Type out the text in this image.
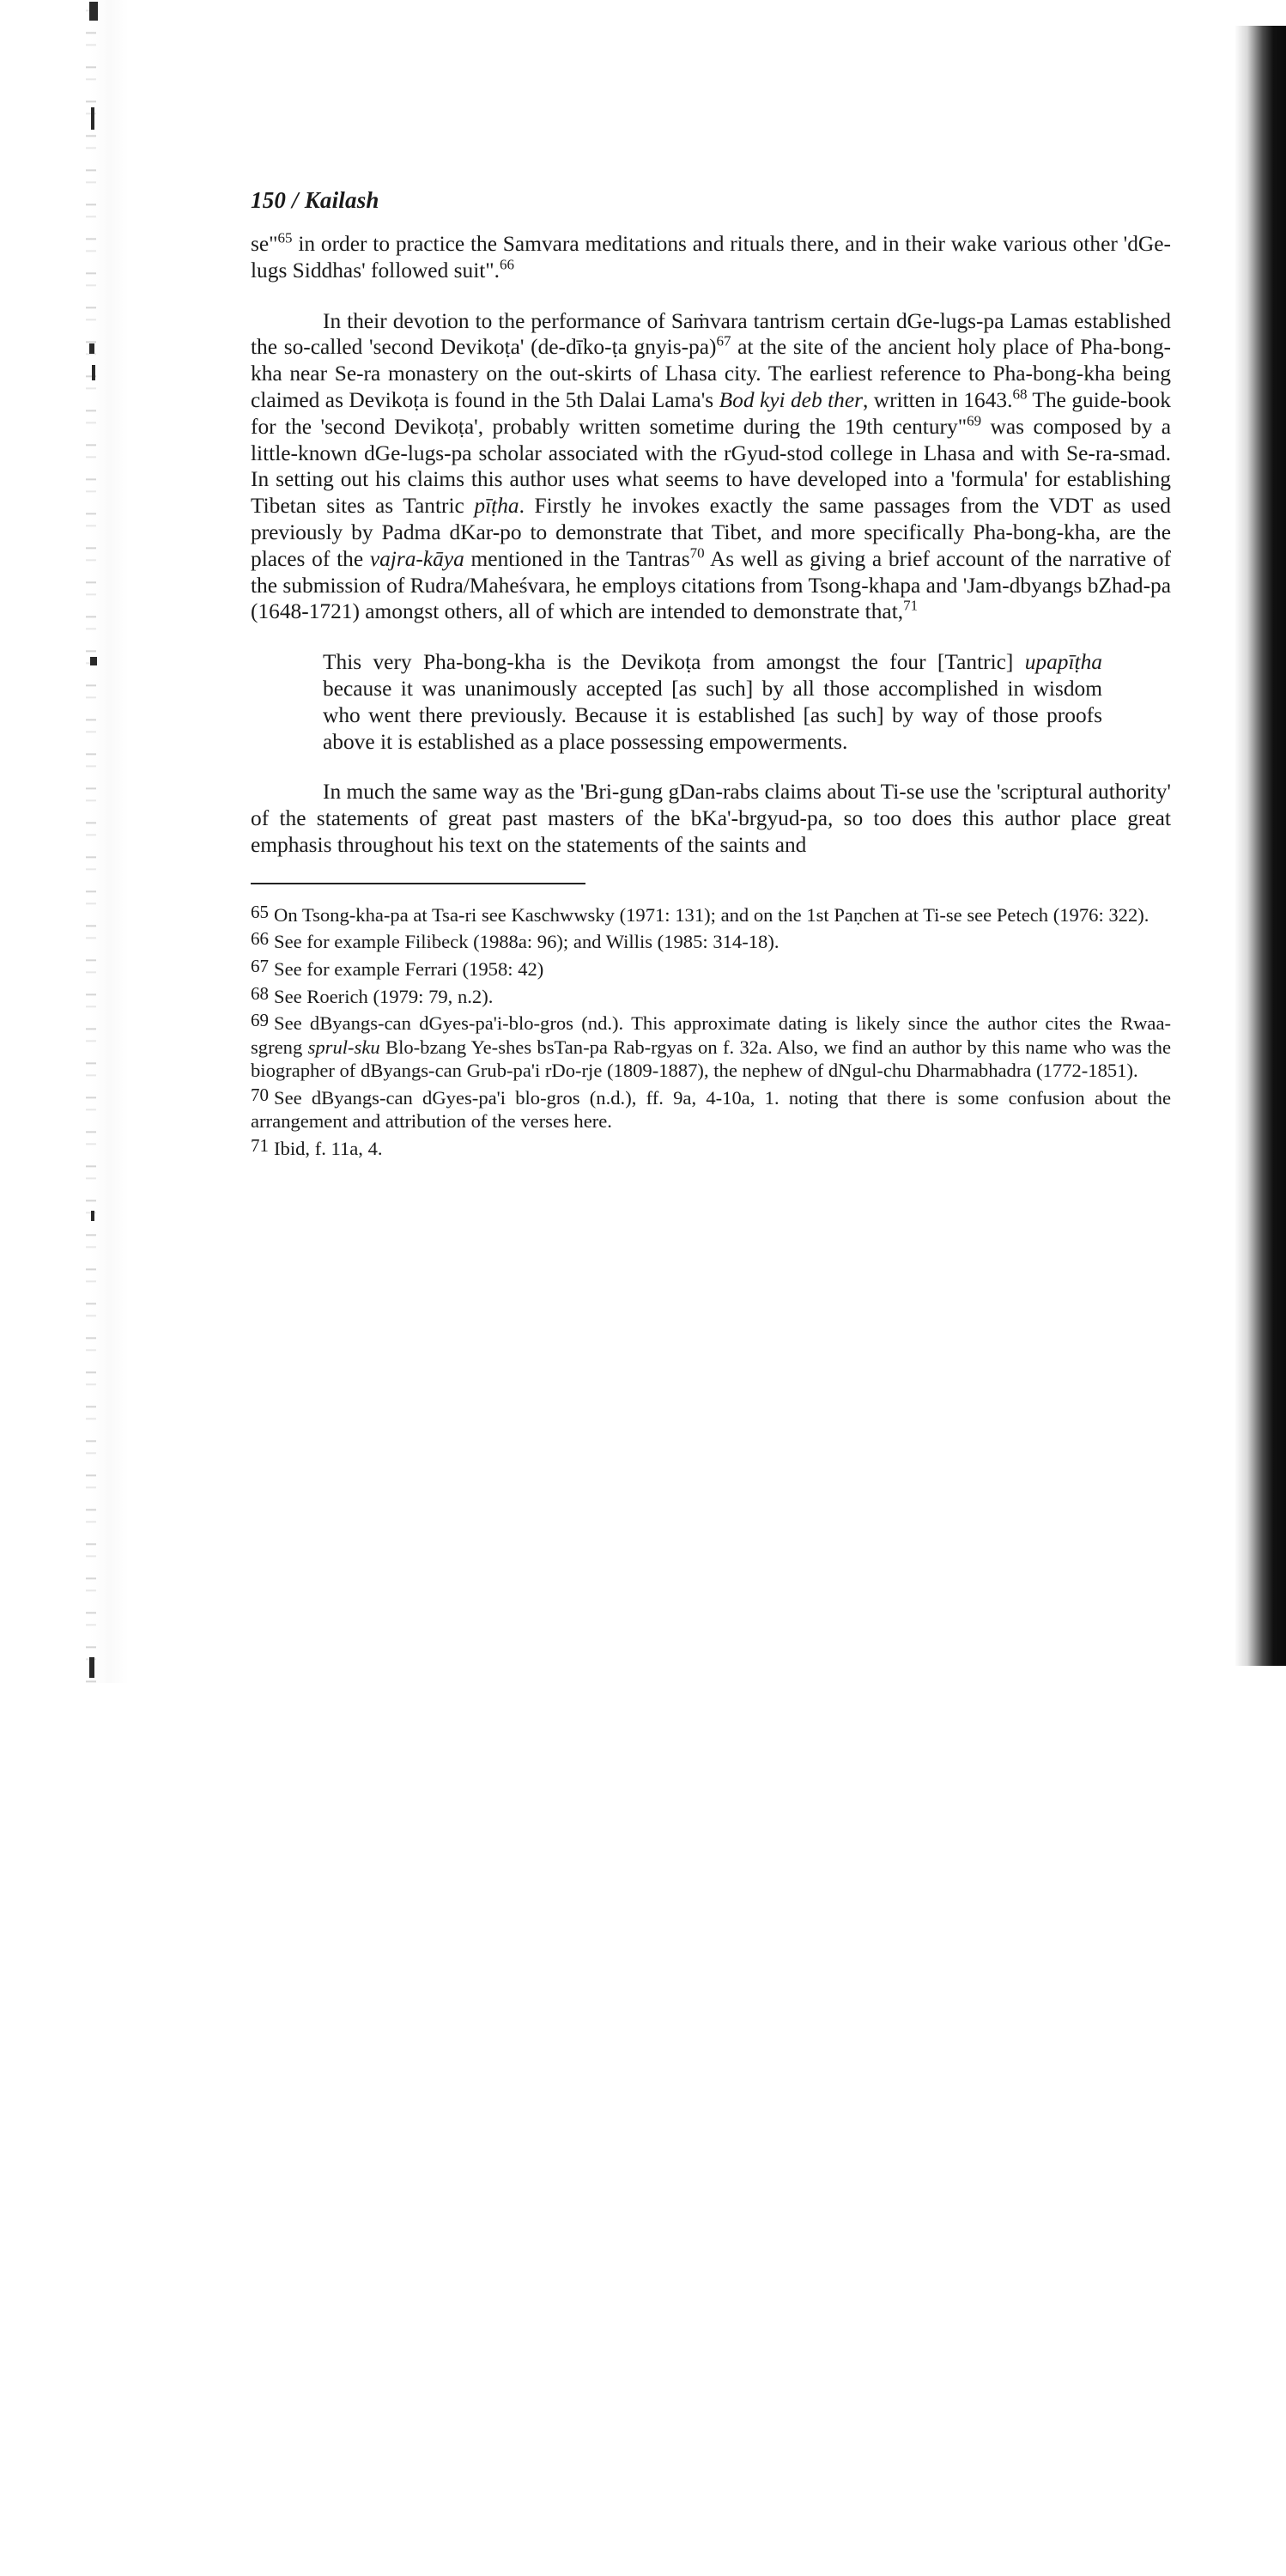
150 / Kailash

se"$^{65}$ in order to practice the Samvara meditations and rituals there, and in their wake various other 'dGe-lugs Siddhas' followed suit".$^{66}$

In their devotion to the performance of Saṁvara tantrism certain dGe-lugs-pa Lamas established the so-called 'second Devikoṭa' (de-dīko-ṭa gnyis-pa)$^{67}$ at the site of the ancient holy place of Pha-bong-kha near Se-ra monastery on the out-skirts of Lhasa city. The earliest reference to Pha-bong-kha being claimed as Devikoṭa is found in the 5th Dalai Lama's Bod kyi deb ther, written in 1643.68 The guide-book for the 'second Devikoṭa', probably written sometime during the 19th century"$^{69}$ was composed by a little-known dGe-lugs-pa scholar associated with the rGyud-stod college in Lhasa and with Se-ra-smad. In setting out his claims this author uses what seems to have developed into a 'formula' for establishing Tibetan sites as Tantric pīṭha. Firstly he invokes exactly the same passages from the VDT as used previously by Padma dKar-po to demonstrate that Tibet, and more specifically Pha-bong-kha, are the places of the vajra-kāya mentioned in the Tantras$^{70}$ As well as giving a brief account of the narrative of the submission of Rudra/Maheśvara, he employs citations from Tsong-khapa and 'Jam-dbyangs bZhad-pa (1648-1721) amongst others, all of which are intended to demonstrate that,$^{71}$

This very Pha-bong-kha is the Devikoṭa from amongst the four [Tantric] upapīṭha because it was unanimously accepted [as such] by all those accomplished in wisdom who went there previously. Because it is established [as such] by way of those proofs above it is established as a place possessing empowerments.

In much the same way as the 'Bri-gung gDan-rabs claims about Ti-se use the 'scriptural authority' of the statements of great past masters of the bKa'-brgyud-pa, so too does this author place great emphasis throughout his text on the statements of the saints and

$^{65}$ On Tsong-kha-pa at Tsa-ri see Kaschwwsky (1971: 131); and on the 1st Paṇchen at Ti-se see Petech (1976: 322).

$^{66}$ See for example Filibeck (1988a: 96); and Willis (1985: 314-18).

$^{67}$ See for example Ferrari (1958: 42)

$^{68}$ See Roerich (1979: 79, n.2).

$^{69}$ See dByangs-can dGyes-pa'i-blo-gros (nd.). This approximate dating is likely since the author cites the Rwaa-sgreng sprul-sku Blo-bzang Ye-shes bsTan-pa Rab-rgyas on f. 32a. Also, we find an author by this name who was the biographer of dByangs-can Grub-pa'i rDo-rje (1809-1887), the nephew of dNgul-chu Dharmabhadra (1772-1851).

$^{70}$ See dByangs-can dGyes-pa'i blo-gros (n.d.), ff. 9a, 4-10a, 1. noting that there is some confusion about the arrangement and attribution of the verses here.

$^{71}$ Ibid, f. 11a, 4.
